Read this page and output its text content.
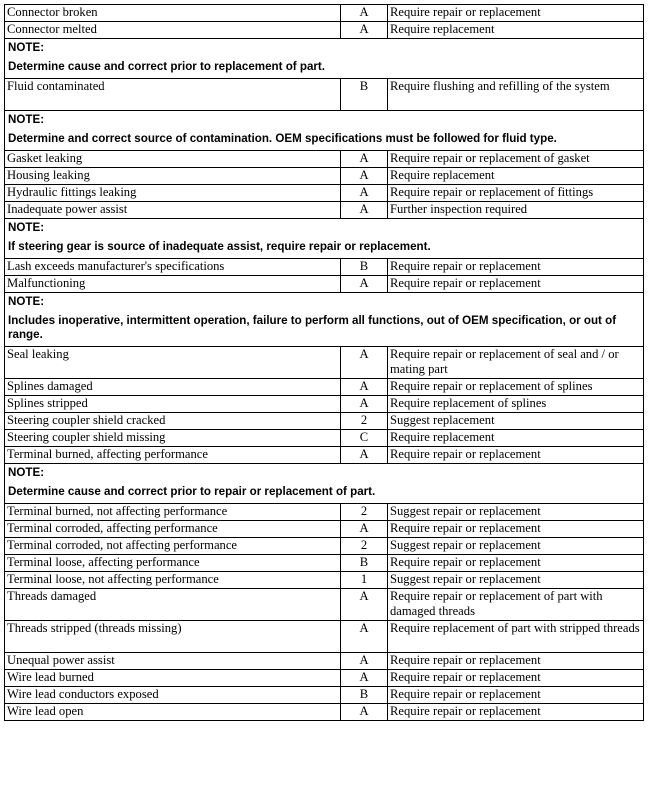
Connector broken	A	Require repair or replacement
Connector melted	A	Require replacement

NOTE:
Determine cause and correct prior to replacement of part.		

Fluid contaminated	B	Require flushing and refilling of the system

NOTE:
Determine and correct source of contamination. OEM specifications must be followed for fluid type.		

Gasket leaking	A	Require repair or replacement of gasket
Housing leaking	A	Require replacement
Hydraulic fittings leaking	A	Require repair or replacement of fittings
Inadequate power assist	A	Further inspection required

NOTE:
If steering gear is source of inadequate assist, require repair or replacement.		

Lash exceeds manufacturer's specifications	B	Require repair or replacement
Malfunctioning	A	Require repair or replacement

NOTE:
Includes inoperative, intermittent operation, failure to perform all functions, out of OEM specification, or out of range.		

Seal leaking	A	Require repair or replacement of seal and / or mating part
Splines damaged	A	Require repair or replacement of splines
Splines stripped	A	Require replacement of splines
Steering coupler shield cracked	2	Suggest replacement
Steering coupler shield missing	C	Require replacement
Terminal burned, affecting performance	A	Require repair or replacement

NOTE:
Determine cause and correct prior to repair or replacement of part.		

Terminal burned, not affecting performance	2	Suggest repair or replacement
Terminal corroded, affecting performance	A	Require repair or replacement
Terminal corroded, not affecting performance	2	Suggest repair or replacement
Terminal loose, affecting performance	B	Require repair or replacement
Terminal loose, not affecting performance	1	Suggest repair or replacement
Threads damaged	A	Require repair or replacement of part with damaged threads
Threads stripped (threads missing)	A	Require replacement of part with stripped threads
Unequal power assist	A	Require repair or replacement
Wire lead burned	A	Require repair or replacement
Wire lead conductors exposed	B	Require repair or replacement
Wire lead open	A	Require repair or replacement
